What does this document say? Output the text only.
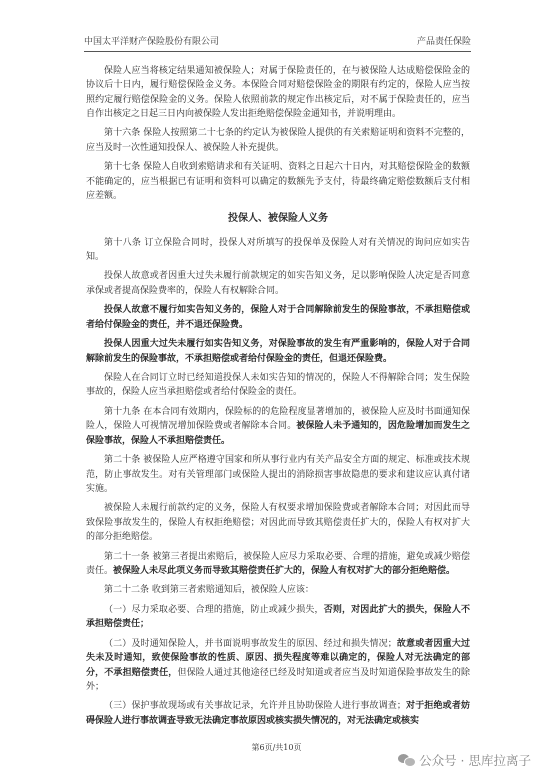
中国太平洋财产保险股份有限公司	产品责任保险

保险人应当将核定结果通知被保险人；对属于保险责任的，在与被保险人达成赔偿保险金的协议后十日内，履行赔偿保险金义务。本保险合同对赔偿保险金的期限有约定的，保险人应当按照约定履行赔偿保险金的义务。保险人依照前款的规定作出核定后，对不属于保险责任的，应当自作出核定之日起三日内向被保险人发出拒绝赔偿保险金通知书，并说明理由。

第十六条 保险人按照第二十七条的约定认为被保险人提供的有关索赔证明和资料不完整的，应当及时一次性通知投保人、被保险人补充提供。

第十七条 保险人自收到索赔请求和有关证明、资料之日起六十日内，对其赔偿保险金的数额不能确定的，应当根据已有证明和资料可以确定的数额先予支付，待最终确定赔偿数额后支付相应差额。

投保人、被保险人义务

第十八条 订立保险合同时，投保人对所填写的投保单及保险人对有关情况的询问应如实告知。

投保人故意或者因重大过失未履行前款规定的如实告知义务，足以影响保险人决定是否同意承保或者提高保险费率的，保险人有权解除合同。

投保人故意不履行如实告知义务的，保险人对于合同解除前发生的保险事故，不承担赔偿或者给付保险金的责任，并不退还保险费。

投保人因重大过失未履行如实告知义务，对保险事故的发生有严重影响的，保险人对于合同解除前发生的保险事故，不承担赔偿或者给付保险金的责任，但退还保险费。

保险人在合同订立时已经知道投保人未如实告知的情况的，保险人不得解除合同；发生保险事故的，保险人应当承担赔偿或者给付保险金的责任。

第十九条 在本合同有效期内，保险标的的危险程度显著增加的，被保险人应及时书面通知保险人，保险人可视情况增加保险费或者解除本合同。被保险人未予通知的，因危险增加而发生之保险事故，保险人不承担赔偿责任。

第二十条 被保险人应严格遵守国家和所从事行业内有关产品安全方面的规定、标准或技术规范，防止事故发生。对有关管理部门或保险人提出的消除损害事故隐患的要求和建议应认真付诸实施。

被保险人未履行前款约定的义务，保险人有权要求增加保险费或者解除本合同；对因此而导致保险事故发生的，保险人有权拒绝赔偿；对因此而导致其赔偿责任扩大的，保险人有权对扩大的部分拒绝赔偿。

第二十一条 被第三者提出索赔后，被保险人应尽力采取必要、合理的措施，避免或减少赔偿责任。被保险人未尽此项义务而导致其赔偿责任扩大的，保险人有权对扩大的部分拒绝赔偿。

第二十二条 收到第三者索赔通知后，被保险人应该：

（一）尽力采取必要、合理的措施，防止或减少损失，否则，对因此扩大的损失，保险人不承担赔偿责任；

（二）及时通知保险人，并书面说明事故发生的原因、经过和损失情况；故意或者因重大过失未及时通知，致使保险事故的性质、原因、损失程度等难以确定的，保险人对无法确定的部分，不承担赔偿责任，但保险人通过其他途径已经及时知道或者应当及时知道保险事故发生的除外；

（三）保护事故现场或有关事故记录，允许并且协助保险人进行事故调查；对于拒绝或者妨碍保险人进行事故调查导致无法确定事故原因或核实损失情况的，对无法确定或核实

第6页/共10页
公众号 · 思库拉离子
